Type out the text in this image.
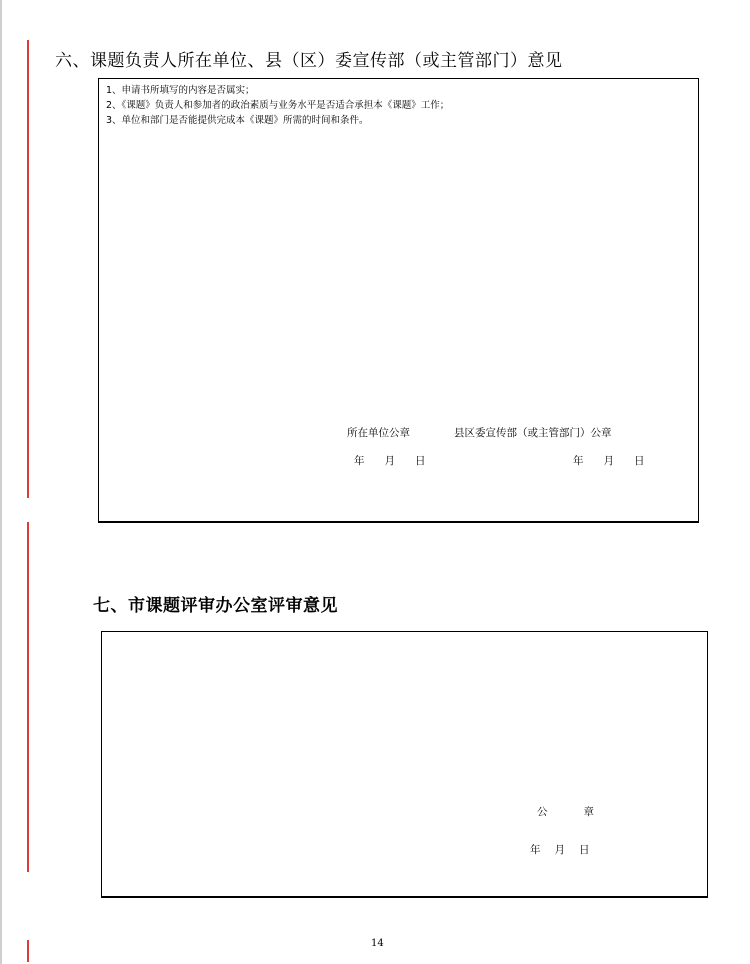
六、课题负责人所在单位、县（区）委宣传部（或主管部门）意见
1、申请书所填写的内容是否属实；
2、《课题》负责人和参加者的政治素质与业务水平是否适合承担本《课题》工作；
3、单位和部门是否能提供完成本《课题》所需的时间和条件。
所在单位公章	县区委宣传部（或主管部门）公章
年 月 日	年 月 日
七、市课题评审办公室评审意见
公	章
年 月 日
14
